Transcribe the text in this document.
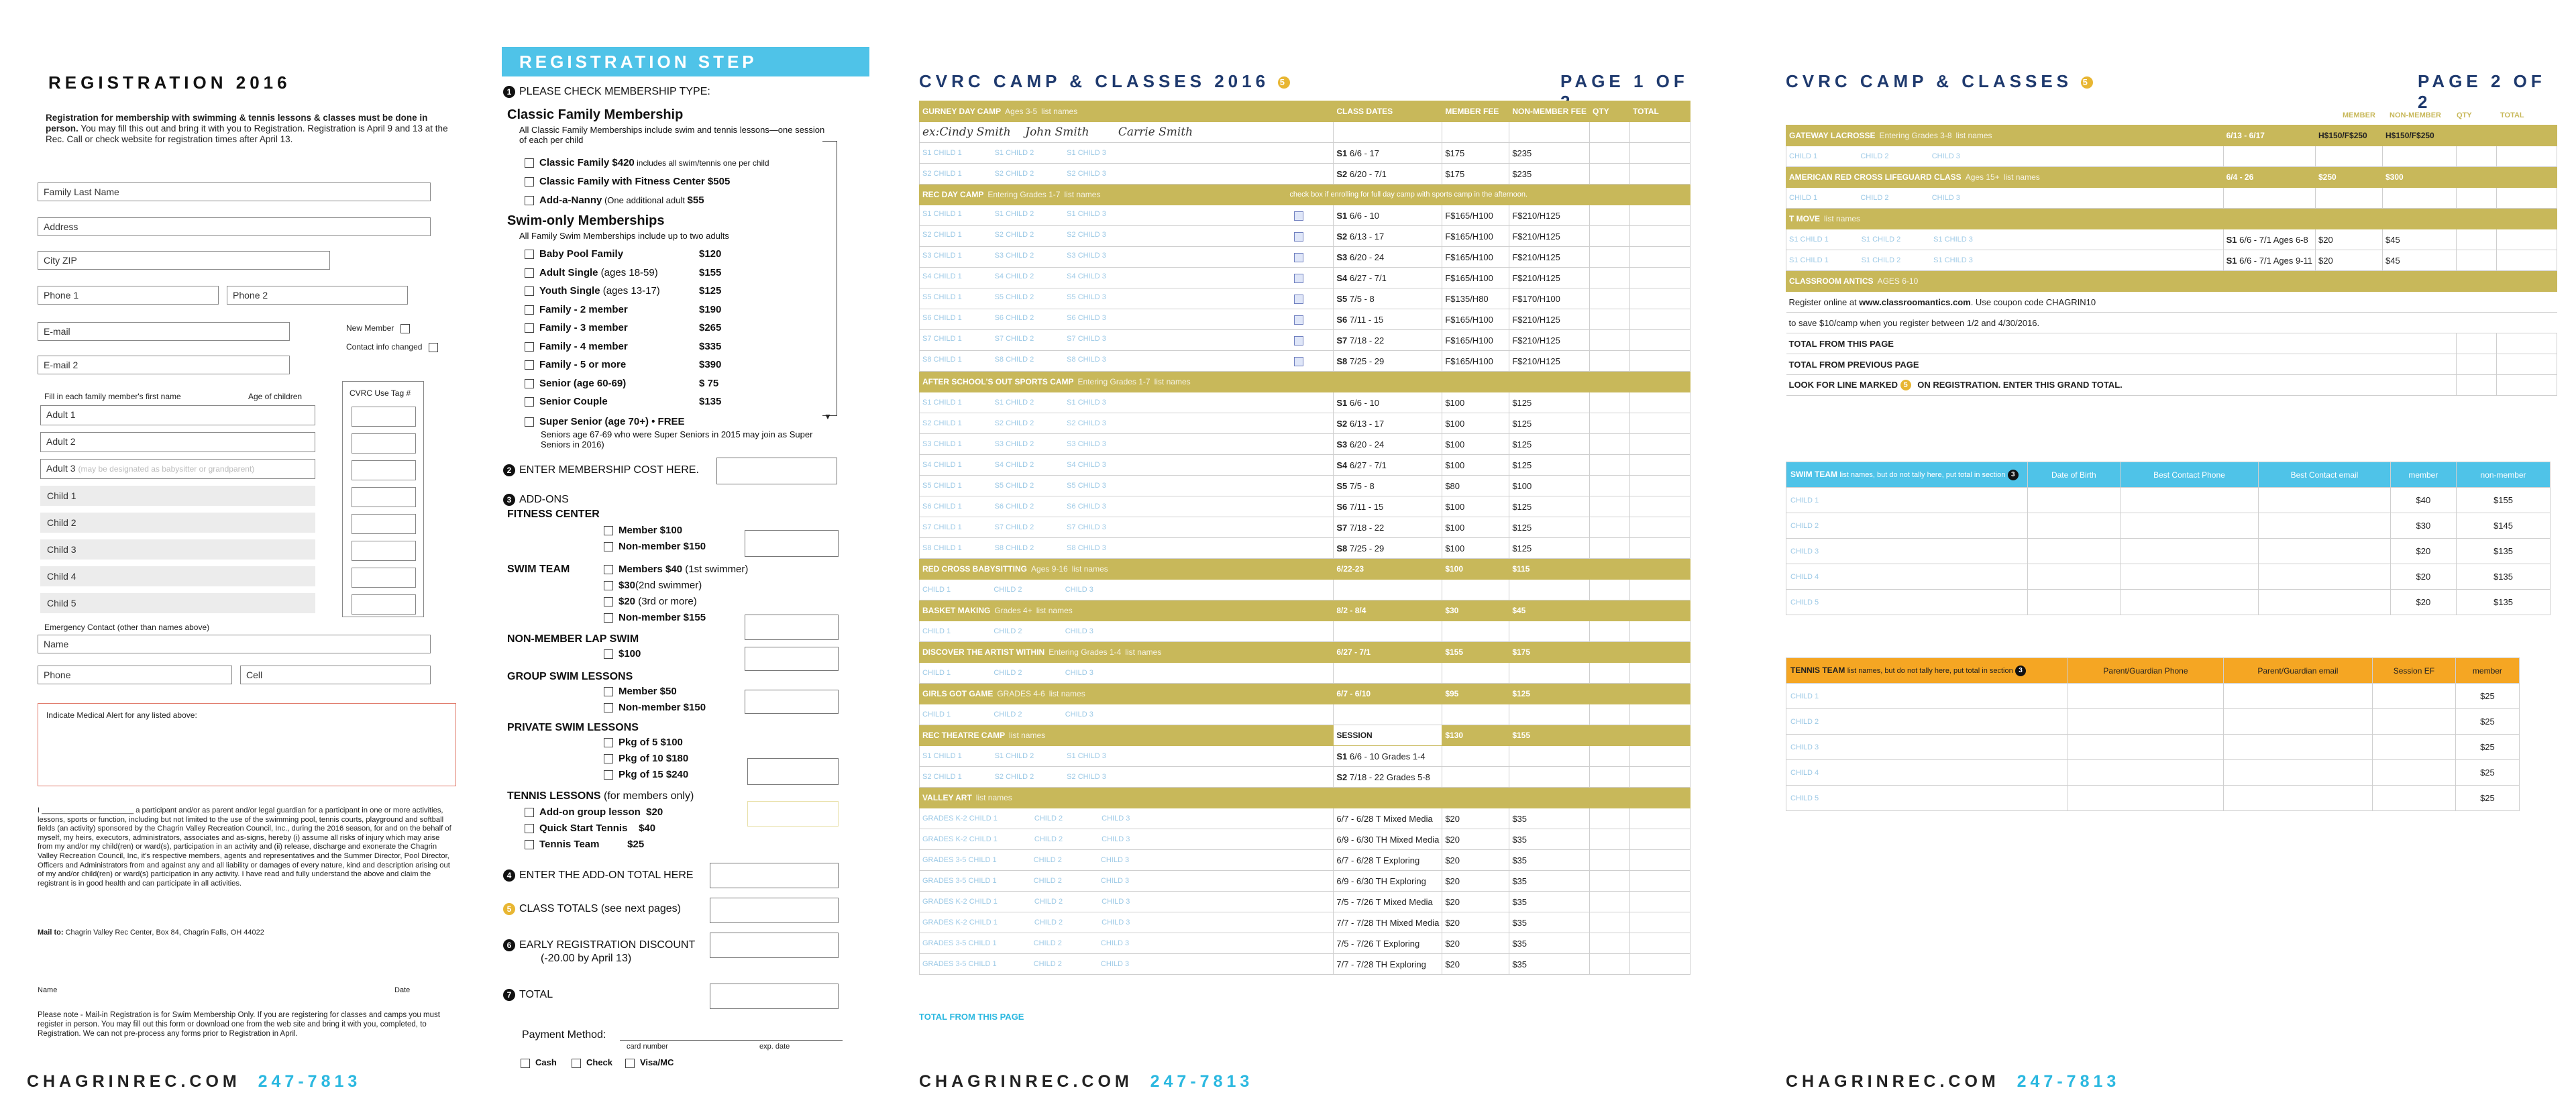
REGISTRATION 2016
Registration for membership with swimming & tennis lessons & classes must be done in person. You may fill this out and bring it with you to Registration. Registration is April 9 and 13 at the Rec. Call or check website for registration times after April 13.
Family Last Name
Address
City ZIP
Phone 1	Phone 2
E-mail
E-mail 2
New Member
Contact info changed
Fill in each family member's first name	Age of children
Adult 1
Adult 2
Adult 3 (may be designated as babysitter or grandparent)
Child 1
Child 2
Child 3
Child 4
Child 5
CVRC Use Tag #
Emergency Contact (other than names above)
Name
Phone	Cell
Indicate Medical Alert for any listed above:
I ______________________ a participant and/or as parent and/or legal guardian for a participant in one or more activities, lessons, sports or function, including but not limited to the use of the swimming pool, tennis courts, playground and softball fields (an activity) sponsored by the Chagrin Valley Recreation Council, Inc., during the 2016 season, for and on the behalf of myself, my heirs, executors, administrators, associates and as-signs, hereby (i) assume all risks of injury which may arise from my and/or my child(ren) or ward(s), participation in an activity and (ii) release, discharge and exonerate the Chagrin Valley Recreation Council, Inc, it's respective members, agents and representatives and the Summer Director, Pool Director, Officers and Administrators from and against any and all liability or damages of every nature, kind and description arising out of my and/or child(ren) or ward(s) participation in any activity. I have read and fully understand the above and claim the registrant is in good health and can participate in all activities.
Mail to: Chagrin Valley Rec Center, Box 84, Chagrin Falls, OH 44022
Name	Date
Please note - Mail-in Registration is for Swim Membership Only. If you are registering for classes and camps you must register in person. You may fill out this form or download one from the web site and bring it with you, completed, to Registration. We can not pre-process any forms prior to Registration in April.
CHAGRINREC.COM 247-7813
REGISTRATION STEP
1 PLEASE CHECK MEMBERSHIP TYPE:
Classic Family Membership
All Classic Family Memberships include swim and tennis lessons—one session of each per child
Classic Family $420 includes all swim/tennis one per child
Classic Family with Fitness Center $505
Add-a-Nanny (One additional adult $55
Swim-only Memberships
All Family Swim Memberships include up to two adults
Baby Pool Family	$120
Adult Single (ages 18-59)	$155
Youth Single (ages 13-17)	$125
Family - 2 member	$190
Family - 3 member	$265
Family - 4 member	$335
Family - 5 or more	$390
Senior (age 60-69)	$ 75
Senior Couple	$135
Super Senior (age 70+) • FREE
Seniors age 67-69 who were Super Seniors in 2015 may join as Super Seniors in 2016)
▼
2 ENTER MEMBERSHIP COST HERE.
3 ADD-ONS
FITNESS CENTER
Member $100
Non-member $150
SWIM TEAM	Members $40 (1st swimmer)
$30(2nd swimmer)
$20 (3rd or more)
Non-member $155
NON-MEMBER LAP SWIM
$100
GROUP SWIM LESSONS
Member $50
Non-member $150
PRIVATE SWIM LESSONS
Pkg of 5 $100
Pkg of 10 $180
Pkg of 15 $240
TENNIS LESSONS (for members only)
Add-on group lesson $20
Quick Start Tennis $40
Tennis Team	$25
4 ENTER THE ADD-ON TOTAL HERE
5 CLASS TOTALS (see next pages)
6 EARLY REGISTRATION DISCOUNT
(-20.00 by April 13)
7 TOTAL
Payment Method:
card number	exp. date
Cash	Check	Visa/MC
CVRC CAMP & CLASSES 2016 5	PAGE 1 OF
GURNEY DAY CAMP Ages 3-5 list names	CLASS DATES	MEMBER FEE	NON-MEMBER FEE	QTY	TOTAL
ex:Cindy Smith    John Smith        Carrie Smith					
S1 CHILD 1                S1 CHILD 2                S1 CHILD 3	S1 6/6 - 17	$175	$235		
S2 CHILD 1                S2 CHILD 2                S2 CHILD 3	S2 6/20 - 7/1	$175	$235		
REC DAY CAMP Entering Grades 1-7 list names	check box if enrolling for full day camp with sports camp in the afternoon.				
S1 CHILD 1                S1 CHILD 2                S1 CHILD 3	S1 6/6 - 10	F$165/H100	F$210/H125		
S2 CHILD 1                S2 CHILD 2                S2 CHILD 3	S2 6/13 - 17	F$165/H100	F$210/H125		
S3 CHILD 1                S3 CHILD 2                S3 CHILD 3	S3 6/20 - 24	F$165/H100	F$210/H125		
S4 CHILD 1                S4 CHILD 2                S4 CHILD 3	S4 6/27 - 7/1	F$165/H100	F$210/H125		
S5 CHILD 1                S5 CHILD 2                S5 CHILD 3	S5 7/5 - 8	F$135/H80	F$170/H100		
S6 CHILD 1                S6 CHILD 2                S6 CHILD 3	S6 7/11 - 15	F$165/H100	F$210/H125		
S7 CHILD 1                S7 CHILD 2                S7 CHILD 3	S7 7/18 - 22	F$165/H100	F$210/H125		
S8 CHILD 1                S8 CHILD 2                S8 CHILD 3	S8 7/25 - 29	F$165/H100	F$210/H125		
AFTER SCHOOL'S OUT SPORTS CAMP Entering Grades 1-7 list names					
S1 CHILD 1                S1 CHILD 2                S1 CHILD 3	S1 6/6 - 10	$100	$125		
S2 CHILD 1                S2 CHILD 2                S2 CHILD 3	S2 6/13 - 17	$100	$125		
S3 CHILD 1                S3 CHILD 2                S3 CHILD 3	S3 6/20 - 24	$100	$125		
S4 CHILD 1                S4 CHILD 2                S4 CHILD 3	S4 6/27 - 7/1	$100	$125		
S5 CHILD 1                S5 CHILD 2                S5 CHILD 3	S5 7/5 - 8	$80	$100		
S6 CHILD 1                S6 CHILD 2                S6 CHILD 3	S6 7/11 - 15	$100	$125		
S7 CHILD 1                S7 CHILD 2                S7 CHILD 3	S7 7/18 - 22	$100	$125		
S8 CHILD 1                S8 CHILD 2                S8 CHILD 3	S8 7/25 - 29	$100	$125		
RED CROSS BABYSITTING Ages 9-16 list names	6/22-23	$100	$115		
CHILD 1                     CHILD 2                     CHILD 3					
BASKET MAKING Grades 4+ list names	8/2 - 8/4	$30	$45		
CHILD 1                     CHILD 2                     CHILD 3					
DISCOVER THE ARTIST WITHIN Entering Grades 1-4 list names	6/27 - 7/1	$155	$175		
CHILD 1                     CHILD 2                     CHILD 3					
GIRLS GOT GAME GRADES 4-6 list names	6/7 - 6/10	$95	$125		
CHILD 1                     CHILD 2                     CHILD 3					
REC THEATRE CAMP list names	SESSION	$130	$155		
S1 CHILD 1                S1 CHILD 2                S1 CHILD 3	S1 6/6 - 10 Grades 1-4				
S2 CHILD 1                S2 CHILD 2                S2 CHILD 3	S2 7/18 - 22 Grades 5-8				
VALLEY ART list names					
GRADES K-2 CHILD 1                  CHILD 2                   CHILD 3	6/7 - 6/28 T Mixed Media	$20	$35		
GRADES K-2 CHILD 1                  CHILD 2                   CHILD 3	6/9 - 6/30 TH Mixed Media	$20	$35		
GRADES 3-5 CHILD 1                  CHILD 2                   CHILD 3	6/7 - 6/28 T Exploring	$20	$35		
GRADES 3-5 CHILD 1                  CHILD 2                   CHILD 3	6/9 - 6/30 TH Exploring	$20	$35		
GRADES K-2 CHILD 1                  CHILD 2                   CHILD 3	7/5 - 7/26 T Mixed Media	$20	$35		
GRADES K-2 CHILD 1                  CHILD 2                   CHILD 3	7/7 - 7/28 TH Mixed Media	$20	$35		
GRADES 3-5 CHILD 1                  CHILD 2                   CHILD 3	7/5 - 7/26 T Exploring	$20	$35		
GRADES 3-5 CHILD 1                  CHILD 2                   CHILD 3	7/7 - 7/28 TH Exploring	$20	$35		
TOTAL FROM THIS PAGE
CHAGRINREC.COM 247-7813
CVRC CAMP & CLASSES 5	PAGE 2 OF 2
MEMBER NON-MEMBER QTY	TOTAL
GATEWAY LACROSSE Entering Grades 3-8 list names	6/13 - 6/17	H$150/F$250	H$150/F$250		
CHILD 1                     CHILD 2                     CHILD 3					
AMERICAN RED CROSS LIFEGUARD CLASS Ages 15+ list names	6/4 - 26	$250	$300		
CHILD 1                     CHILD 2                     CHILD 3					
T MOVE list names					
S1 CHILD 1                S1 CHILD 2                S1 CHILD 3	S1 6/6 - 7/1 Ages 6-8	$20	$45		
S1 CHILD 1                S1 CHILD 2                S1 CHILD 3	S1 6/6 - 7/1 Ages 9-11	$20	$45		
CLASSROOM ANTICS AGES 6-10					
Register online at www.classroomantics.com. Use coupon code CHAGRIN10					
to save $10/camp when you register between 1/2 and 4/30/2016.					
TOTAL FROM THIS PAGE					
TOTAL FROM PREVIOUS PAGE					
LOOK FOR LINE MARKED 5 ON REGISTRATION. ENTER THIS GRAND TOTAL.					
SWIM TEAM list names, but do not tally here, put total in section 3	Date of Birth	Best Contact Phone	Best Contact email	member	non-member
CHILD 1				$40	$155
CHILD 2				$30	$145
CHILD 3				$20	$135
CHILD 4				$20	$135
CHILD 5				$20	$135
TENNIS TEAM list names, but do not tally here, put total in section 3	Parent/Guardian Phone	Parent/Guardian email	Session EF	member
CHILD 1				$25
CHILD 2				$25
CHILD 3				$25
CHILD 4				$25
CHILD 5				$25
CHAGRINREC.COM 247-7813
